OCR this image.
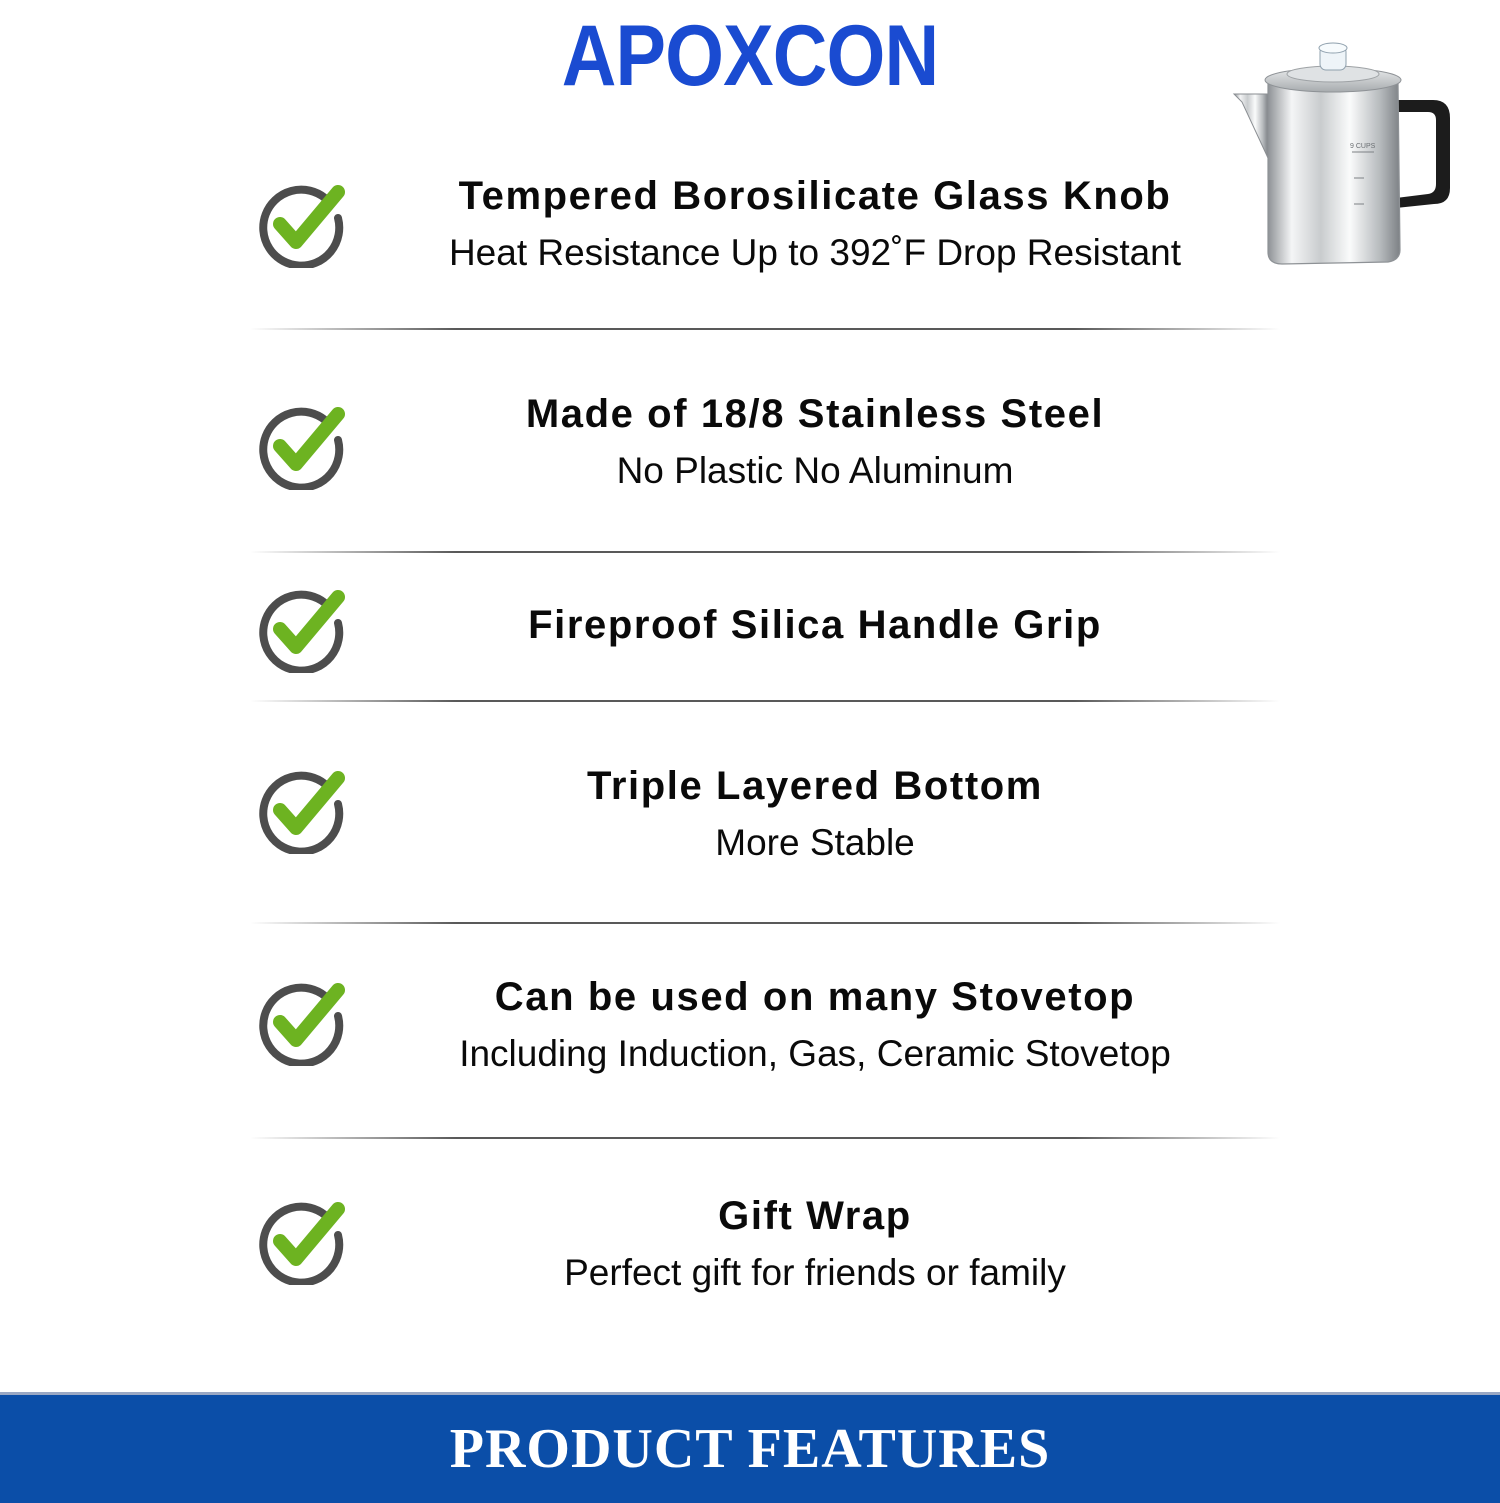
APOXCON
9 CUPS
Tempered Borosilicate Glass Knob
Heat Resistance Up to 392˚F Drop Resistant
Made of 18/8 Stainless Steel
No Plastic No Aluminum
Fireproof Silica Handle Grip
Triple Layered Bottom
More Stable
Can be used on many Stovetop
Including Induction, Gas, Ceramic Stovetop
Gift Wrap
Perfect gift for friends or family
PRODUCT FEATURES
